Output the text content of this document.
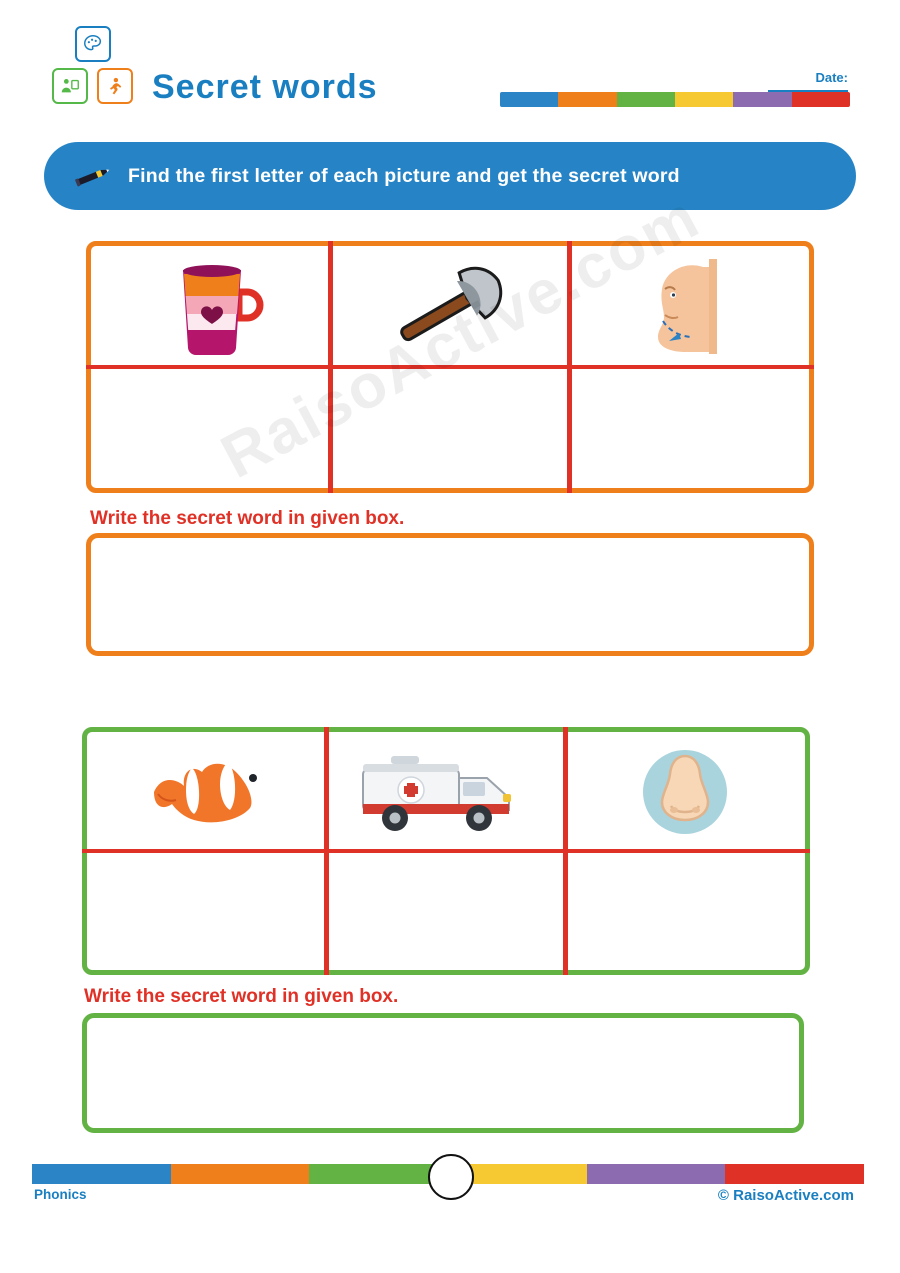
Secret words	Date:
Find the first letter of each picture and get the secret word
Write the secret word in given box.
Write the secret word in given box.
Phonics	© RaisoActive.com
